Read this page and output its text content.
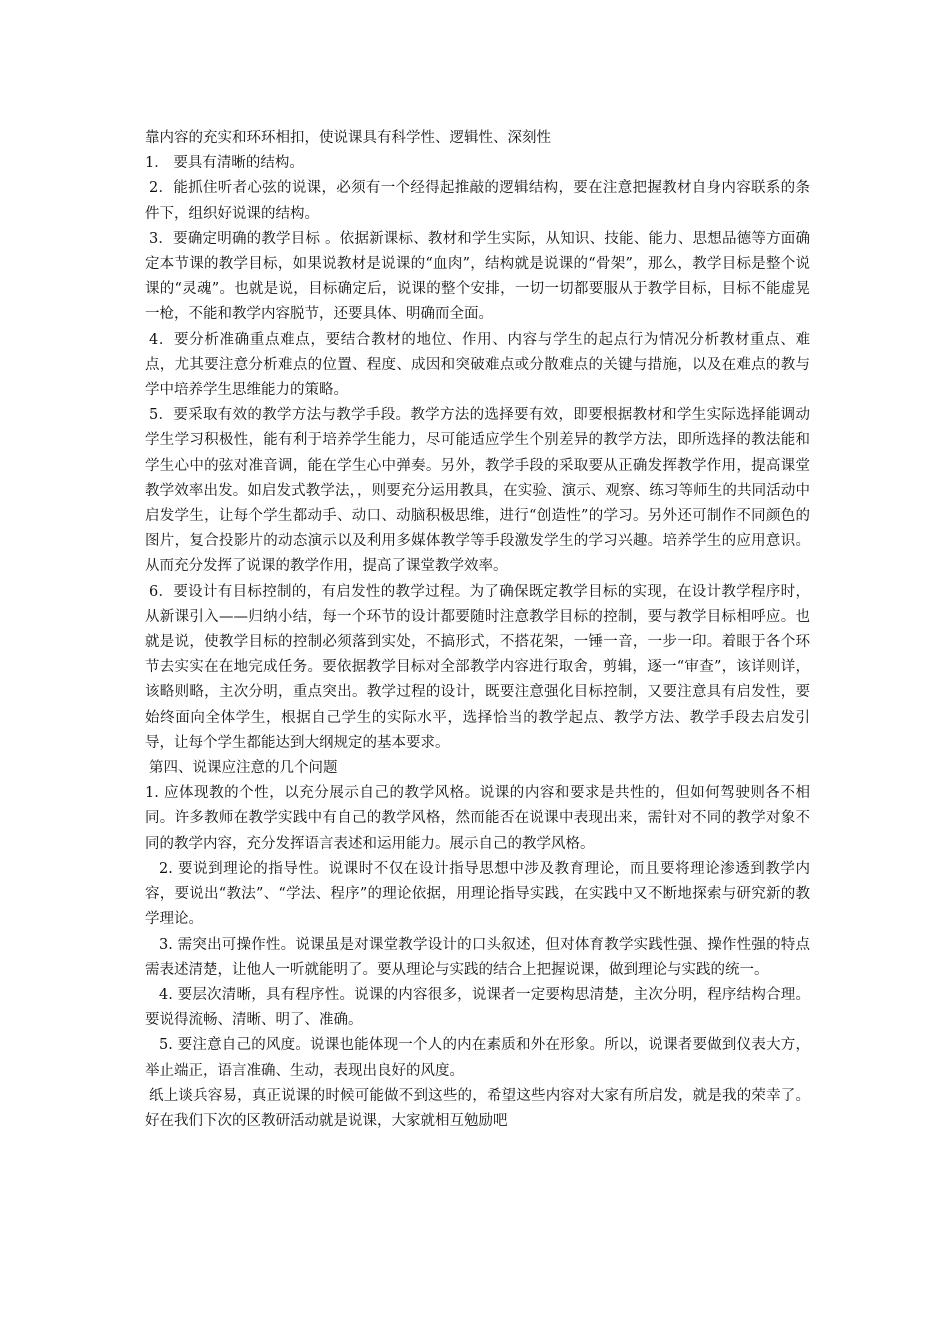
靠内容的充实和环环相扣，使说课具有科学性、逻辑性、深刻性

1． 要具有清晰的结构。

2．能抓住听者心弦的说课，必须有一个经得起推敲的逻辑结构，要在注意把握教材自身内容联系的条件下，组织好说课的结构。

3．要确定明确的教学目标 。依据新课标、教材和学生实际，从知识、技能、能力、思想品德等方面确定本节课的教学目标，如果说教材是说课的“血肉”，结构就是说课的“骨架”，那么，教学目标是整个说课的“灵魂”。也就是说，目标确定后，说课的整个安排，一切一切都要服从于教学目标，目标不能虚晃一枪，不能和教学内容脱节，还要具体、明确而全面。

4．要分析准确重点难点，要结合教材的地位、作用、内容与学生的起点行为情况分析教材重点、难点，尤其要注意分析难点的位置、程度、成因和突破难点或分散难点的关键与措施，以及在难点的教与学中培养学生思维能力的策略。

5．要采取有效的教学方法与教学手段。教学方法的选择要有效，即要根据教材和学生实际选择能调动学生学习积极性，能有利于培养学生能力，尽可能适应学生个别差异的教学方法，即所选择的教法能和学生心中的弦对准音调，能在学生心中弹奏。另外，教学手段的采取要从正确发挥教学作用，提高课堂教学效率出发。如启发式教学法，，则要充分运用教具，在实验、演示、观察、练习等师生的共同活动中启发学生，让每个学生都动手、动口、动脑积极思维，进行“创造性”的学习。另外还可制作不同颜色的图片，复合投影片的动态演示以及利用多媒体教学等手段激发学生的学习兴趣。培养学生的应用意识。从而充分发挥了说课的教学作用，提高了课堂教学效率。

6．要设计有目标控制的，有启发性的教学过程。为了确保既定教学目标的实现，在设计教学程序时，从新课引入——归纳小结，每一个环节的设计都要随时注意教学目标的控制，要与教学目标相呼应。也就是说，使教学目标的控制必须落到实处，不搞形式，不搭花架，一锤一音，一步一印。着眼于各个环节去实实在在地完成任务。要依据教学目标对全部教学内容进行取舍，剪辑，逐一“审查”，该详则详，该略则略，主次分明，重点突出。教学过程的设计，既要注意强化目标控制，又要注意具有启发性，要始终面向全体学生，根据自己学生的实际水平，选择恰当的教学起点、教学方法、教学手段去启发引导，让每个学生都能达到大纲规定的基本要求。

第四、说课应注意的几个问题

1. 应体现教的个性，以充分展示自己的教学风格。说课的内容和要求是共性的，但如何驾驶则各不相同。许多教师在教学实践中有自己的教学风格，然而能否在说课中表现出来，需针对不同的教学对象不同的教学内容，充分发挥语言表述和运用能力。展示自己的教学风格。

2. 要说到理论的指导性。说课时不仅在设计指导思想中涉及教育理论，而且要将理论渗透到教学内容，要说出“教法”、“学法、程序”的理论依据，用理论指导实践，在实践中又不断地探索与研究新的教学理论。

3. 需突出可操作性。说课虽是对课堂教学设计的口头叙述，但对体育教学实践性强、操作性强的特点需表述清楚，让他人一听就能明了。要从理论与实践的结合上把握说课，做到理论与实践的统一。

4. 要层次清晰，具有程序性。说课的内容很多，说课者一定要构思清楚，主次分明，程序结构合理。要说得流畅、清晰、明了、准确。

5. 要注意自己的风度。说课也能体现一个人的内在素质和外在形象。所以，说课者要做到仪表大方，举止端正，语言准确、生动，表现出良好的风度。

纸上谈兵容易，真正说课的时候可能做不到这些的，希望这些内容对大家有所启发，就是我的荣幸了。好在我们下次的区教研活动就是说课，大家就相互勉励吧
